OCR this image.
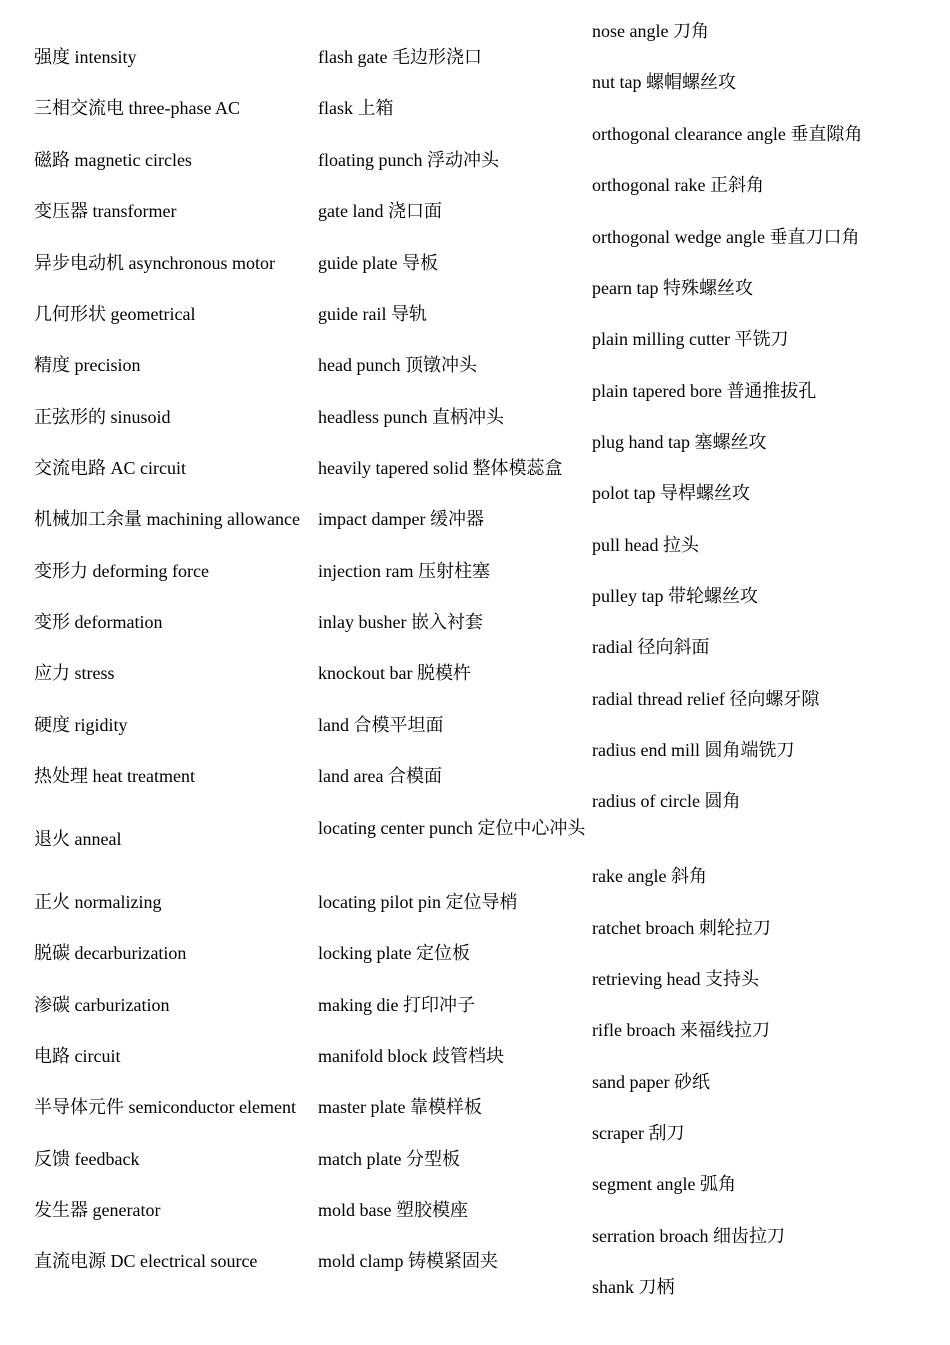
强度 intensity
三相交流电 three-phase AC
磁路 magnetic circles
变压器 transformer
异步电动机 asynchronous motor
几何形状 geometrical
精度 precision
正弦形的 sinusoid
交流电路 AC circuit
机械加工余量 machining allowance
变形力 deforming force
变形 deformation
应力 stress
硬度 rigidity
热处理 heat treatment
退火 anneal
正火 normalizing
脱碳 decarburization
渗碳 carburization
电路 circuit
半导体元件 semiconductor element
反馈 feedback
发生器 generator
直流电源 DC electrical source
flash gate 毛边形浇口
flask 上箱
floating punch 浮动冲头
gate land 浇口面
guide plate 导板
guide rail 导轨
head punch 顶镦冲头
headless punch 直柄冲头
heavily tapered solid 整体模蕊盒
impact damper 缓冲器
injection ram 压射柱塞
inlay busher 嵌入衬套
knockout bar 脱模杵
land 合模平坦面
land area 合模面
locating center punch 定位中心冲头
locating pilot pin 定位导梢
locking plate 定位板
making die 打印冲子
manifold block 歧管档块
master plate 靠模样板
match plate 分型板
mold base 塑胶模座
mold clamp 铸模紧固夹
nose angle 刀角
nut tap 螺帽螺丝攻
orthogonal clearance angle 垂直隙角
orthogonal rake 正斜角
orthogonal wedge angle 垂直刀口角
pearn tap 特殊螺丝攻
plain milling cutter 平铣刀
plain tapered bore 普通推拔孔
plug hand tap 塞螺丝攻
polot tap 导桿螺丝攻
pull head 拉头
pulley tap 带轮螺丝攻
radial 径向斜面
radial thread relief 径向螺牙隙
radius end mill 圆角端铣刀
radius of circle 圆角
rake angle 斜角
ratchet broach 刺轮拉刀
retrieving head 支持头
rifle broach 来福线拉刀
sand paper 砂纸
scraper 刮刀
segment angle 弧角
serration broach 细齿拉刀
shank 刀柄
